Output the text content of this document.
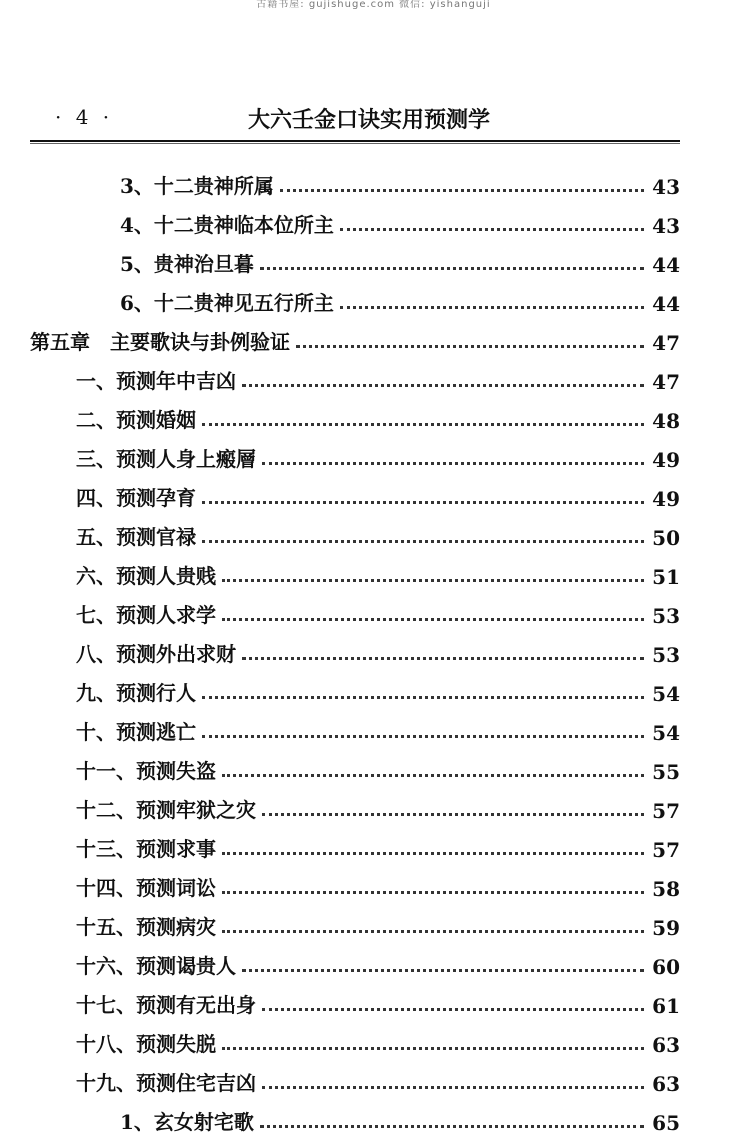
古籍书屋: gujishuge.com 微信: yishanguji
· 4 ·	大六壬金口诀实用预测学
3、十二贵神所属	43
4、十二贵神临本位所主	43
5、贵神治旦暮	44
6、十二贵神见五行所主	44
第五章　主要歌诀与卦例验证	47
一、预测年中吉凶	47
二、预测婚姻	48
三、预测人身上瘢層	49
四、预测孕育	49
五、预测官禄	50
六、预测人贵贱	51
七、预测人求学	53
八、预测外出求财	53
九、预测行人	54
十、预测逃亡	54
十一、预测失盗	55
十二、预测牢狱之灾	57
十三、预测求事	57
十四、预测词讼	58
十五、预测病灾	59
十六、预测谒贵人	60
十七、预测有无出身	61
十八、预测失脱	63
十九、预测住宅吉凶	63
1、玄女射宅歌	65
